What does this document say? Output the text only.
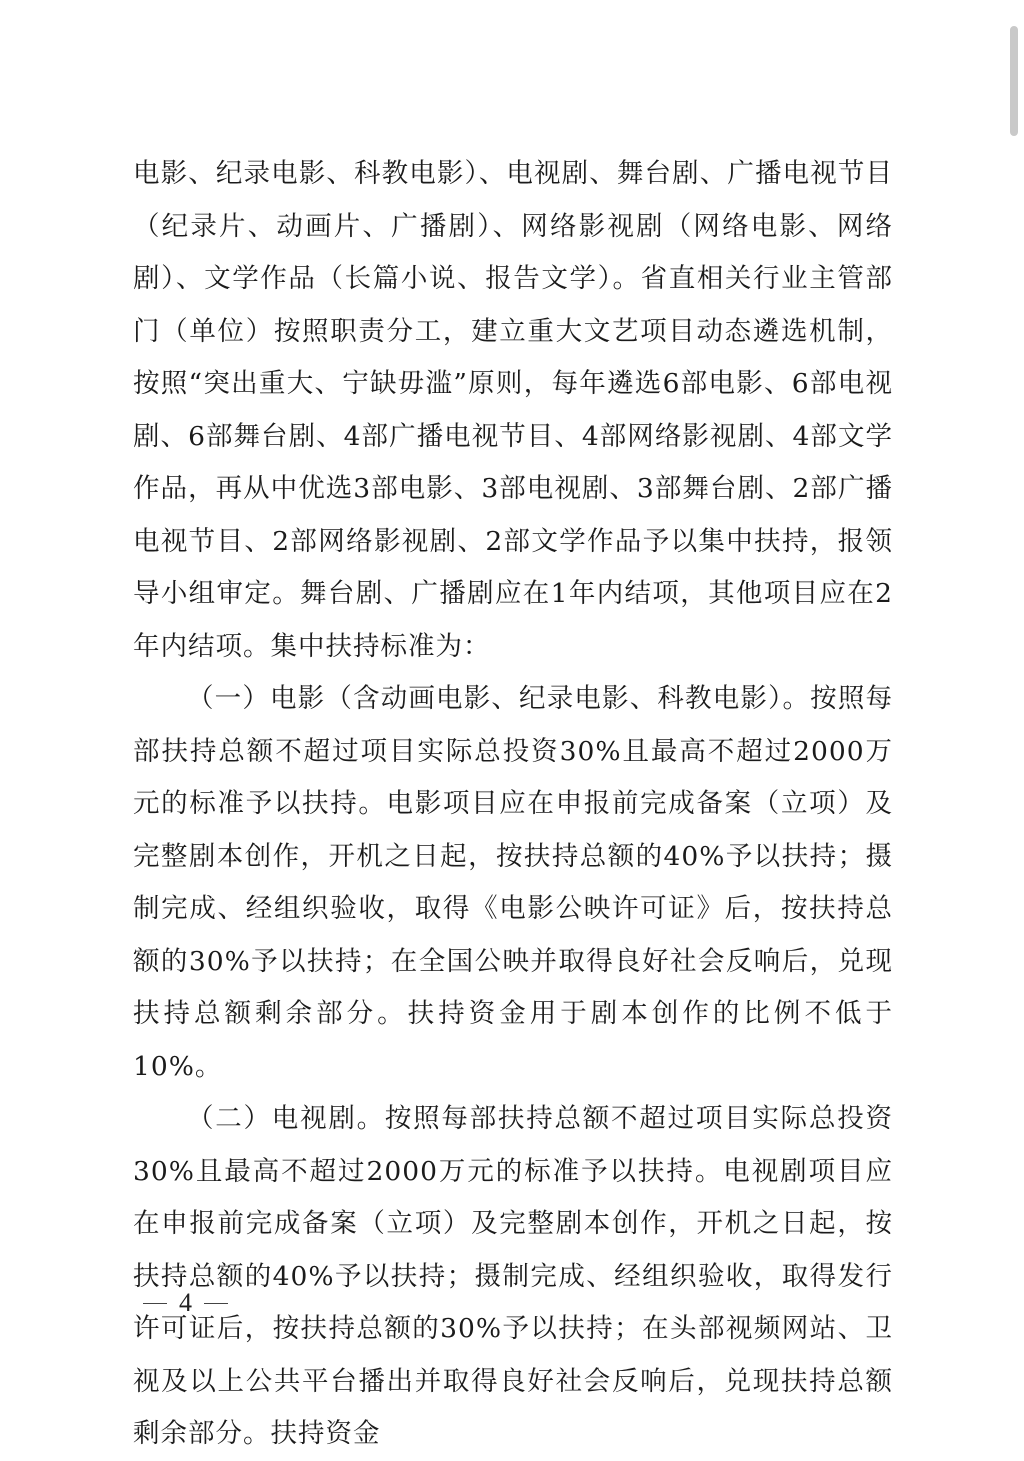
电影、纪录电影、科教电影）、电视剧、舞台剧、广播电视节目（纪录片、动画片、广播剧）、网络影视剧（网络电影、网络剧）、文学作品（长篇小说、报告文学）。省直相关行业主管部门（单位）按照职责分工，建立重大文艺项目动态遴选机制，按照“突出重大、宁缺毋滥”原则，每年遴选6部电影、6部电视剧、6部舞台剧、4部广播电视节目、4部网络影视剧、4部文学作品，再从中优选3部电影、3部电视剧、3部舞台剧、2部广播电视节目、2部网络影视剧、2部文学作品予以集中扶持，报领导小组审定。舞台剧、广播剧应在1年内结项，其他项目应在2年内结项。集中扶持标准为：

（一）电影（含动画电影、纪录电影、科教电影）。按照每部扶持总额不超过项目实际总投资30%且最高不超过2000万元的标准予以扶持。电影项目应在申报前完成备案（立项）及完整剧本创作，开机之日起，按扶持总额的40%予以扶持；摄制完成、经组织验收，取得《电影公映许可证》后，按扶持总额的30%予以扶持；在全国公映并取得良好社会反响后，兑现扶持总额剩余部分。扶持资金用于剧本创作的比例不低于10%。

（二）电视剧。按照每部扶持总额不超过项目实际总投资30%且最高不超过2000万元的标准予以扶持。电视剧项目应在申报前完成备案（立项）及完整剧本创作，开机之日起，按扶持总额的40%予以扶持；摄制完成、经组织验收，取得发行许可证后，按扶持总额的30%予以扶持；在头部视频网站、卫视及以上公共平台播出并取得良好社会反响后，兑现扶持总额剩余部分。扶持资金

4
